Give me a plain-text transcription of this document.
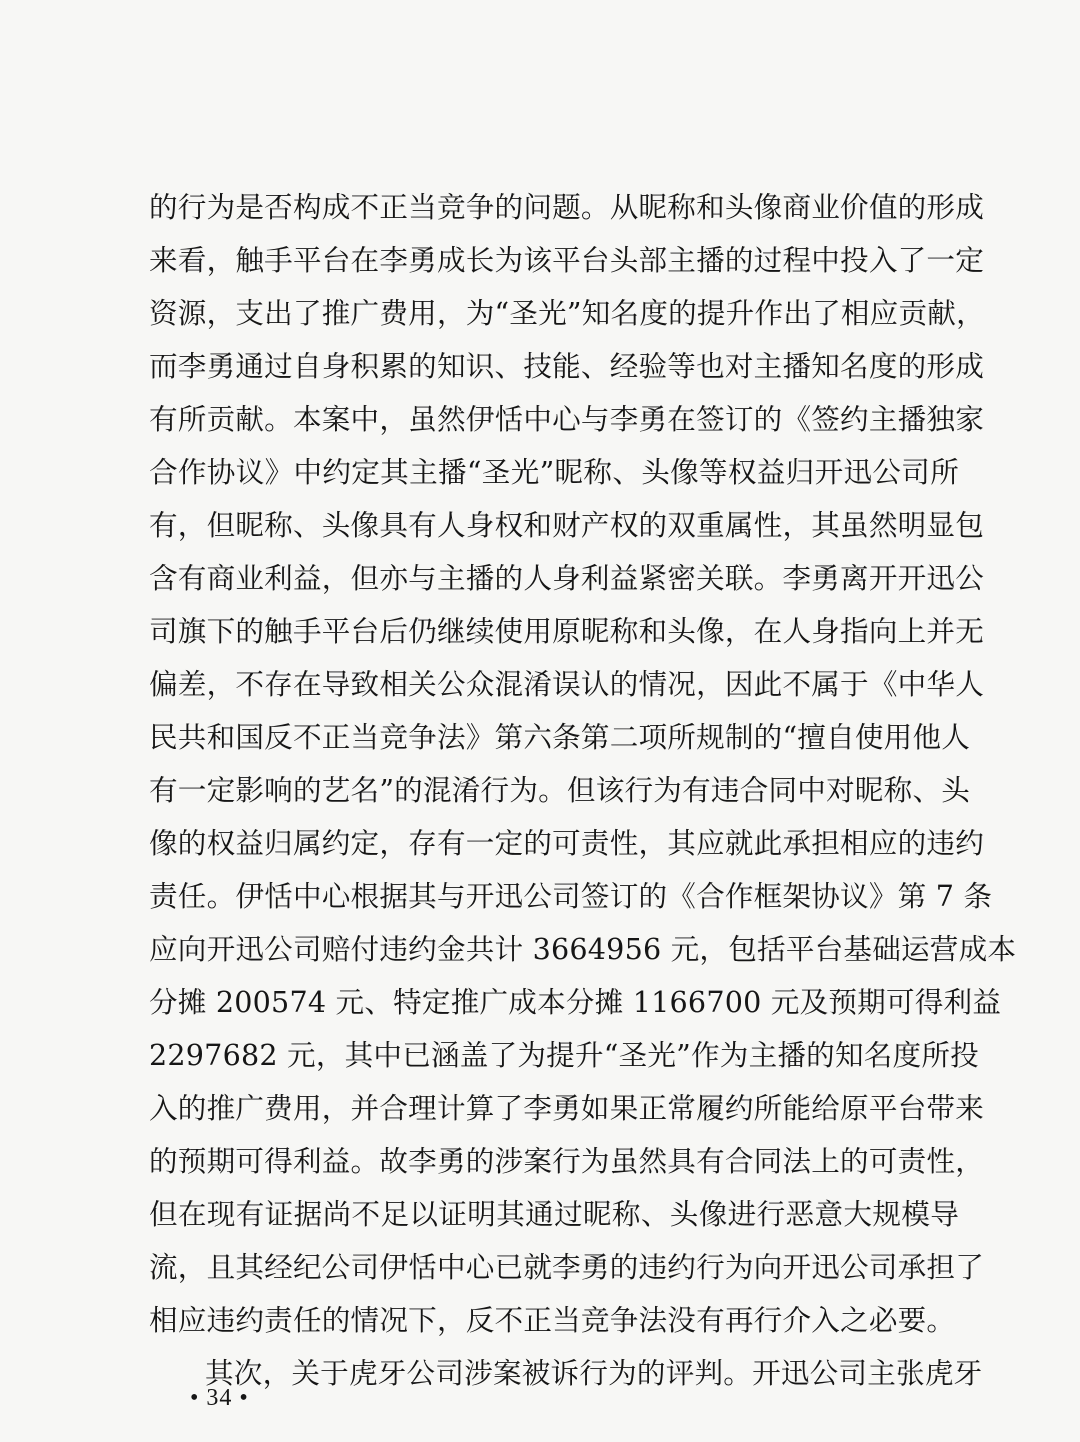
的行为是否构成不正当竞争的问题。从昵称和头像商业价值的形成
来看，触手平台在李勇成长为该平台头部主播的过程中投入了一定
资源，支出了推广费用，为“圣光”知名度的提升作出了相应贡献，
而李勇通过自身积累的知识、技能、经验等也对主播知名度的形成
有所贡献。本案中，虽然伊恬中心与李勇在签订的《签约主播独家
合作协议》中约定其主播“圣光”昵称、头像等权益归开迅公司所
有，但昵称、头像具有人身权和财产权的双重属性，其虽然明显包
含有商业利益，但亦与主播的人身利益紧密关联。李勇离开开迅公
司旗下的触手平台后仍继续使用原昵称和头像，在人身指向上并无
偏差，不存在导致相关公众混淆误认的情况，因此不属于《中华人
民共和国反不正当竞争法》第六条第二项所规制的“擅自使用他人
有一定影响的艺名”的混淆行为。但该行为有违合同中对昵称、头
像的权益归属约定，存有一定的可责性，其应就此承担相应的违约
责任。伊恬中心根据其与开迅公司签订的《合作框架协议》第 7 条
应向开迅公司赔付违约金共计 3664956 元，包括平台基础运营成本
分摊 200574 元、特定推广成本分摊 1166700 元及预期可得利益
2297682 元，其中已涵盖了为提升“圣光”作为主播的知名度所投
入的推广费用，并合理计算了李勇如果正常履约所能给原平台带来
的预期可得利益。故李勇的涉案行为虽然具有合同法上的可责性，
但在现有证据尚不足以证明其通过昵称、头像进行恶意大规模导
流，且其经纪公司伊恬中心已就李勇的违约行为向开迅公司承担了
相应违约责任的情况下，反不正当竞争法没有再行介入之必要。
其次，关于虎牙公司涉案被诉行为的评判。开迅公司主张虎牙
• 34 •
